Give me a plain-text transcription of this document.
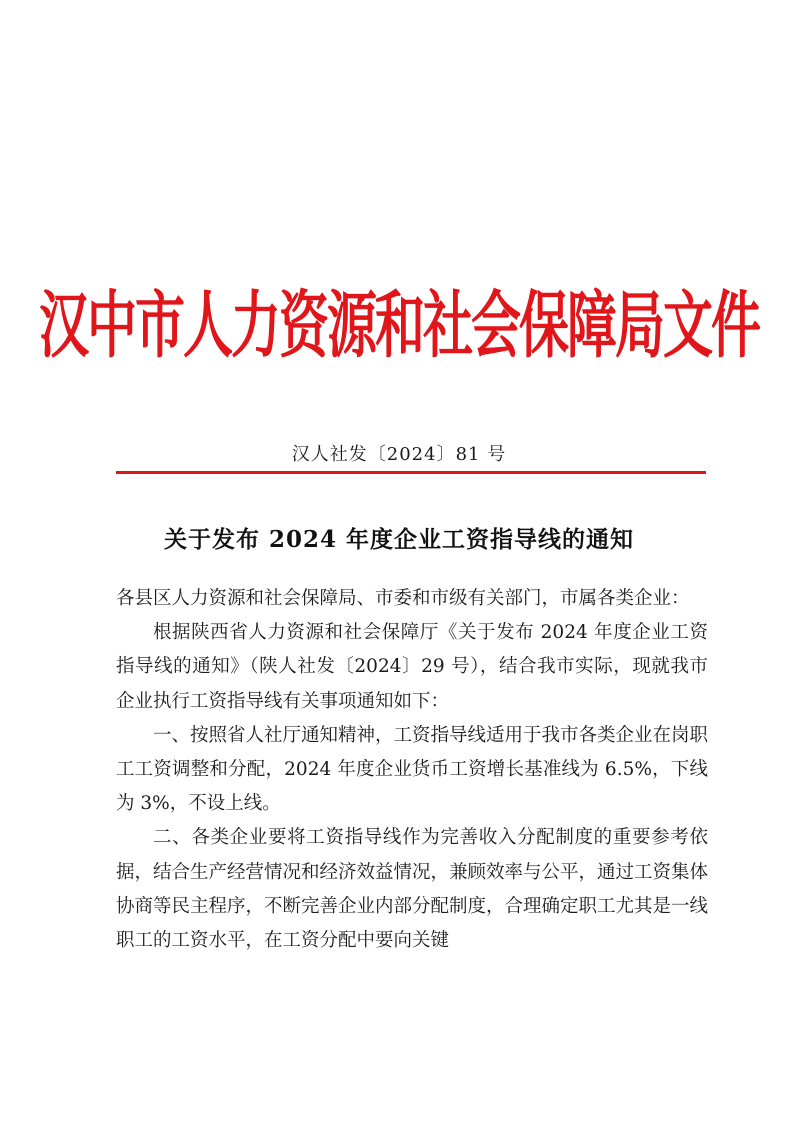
汉中市人力资源和社会保障局文件
汉人社发〔2024〕81 号
关于发布 2024 年度企业工资指导线的通知

各县区人力资源和社会保障局、市委和市级有关部门，市属各类企业：

根据陕西省人力资源和社会保障厅《关于发布 2024 年度企业工资指导线的通知》（陕人社发〔2024〕29 号），结合我市实际，现就我市企业执行工资指导线有关事项通知如下：

一、按照省人社厅通知精神，工资指导线适用于我市各类企业在岗职工工资调整和分配，2024 年度企业货币工资增长基准线为 6.5%，下线为 3%，不设上线。

二、各类企业要将工资指导线作为完善收入分配制度的重要参考依据，结合生产经营情况和经济效益情况，兼顾效率与公平，通过工资集体协商等民主程序，不断完善企业内部分配制度，合理确定职工尤其是一线职工的工资水平，在工资分配中要向关键
